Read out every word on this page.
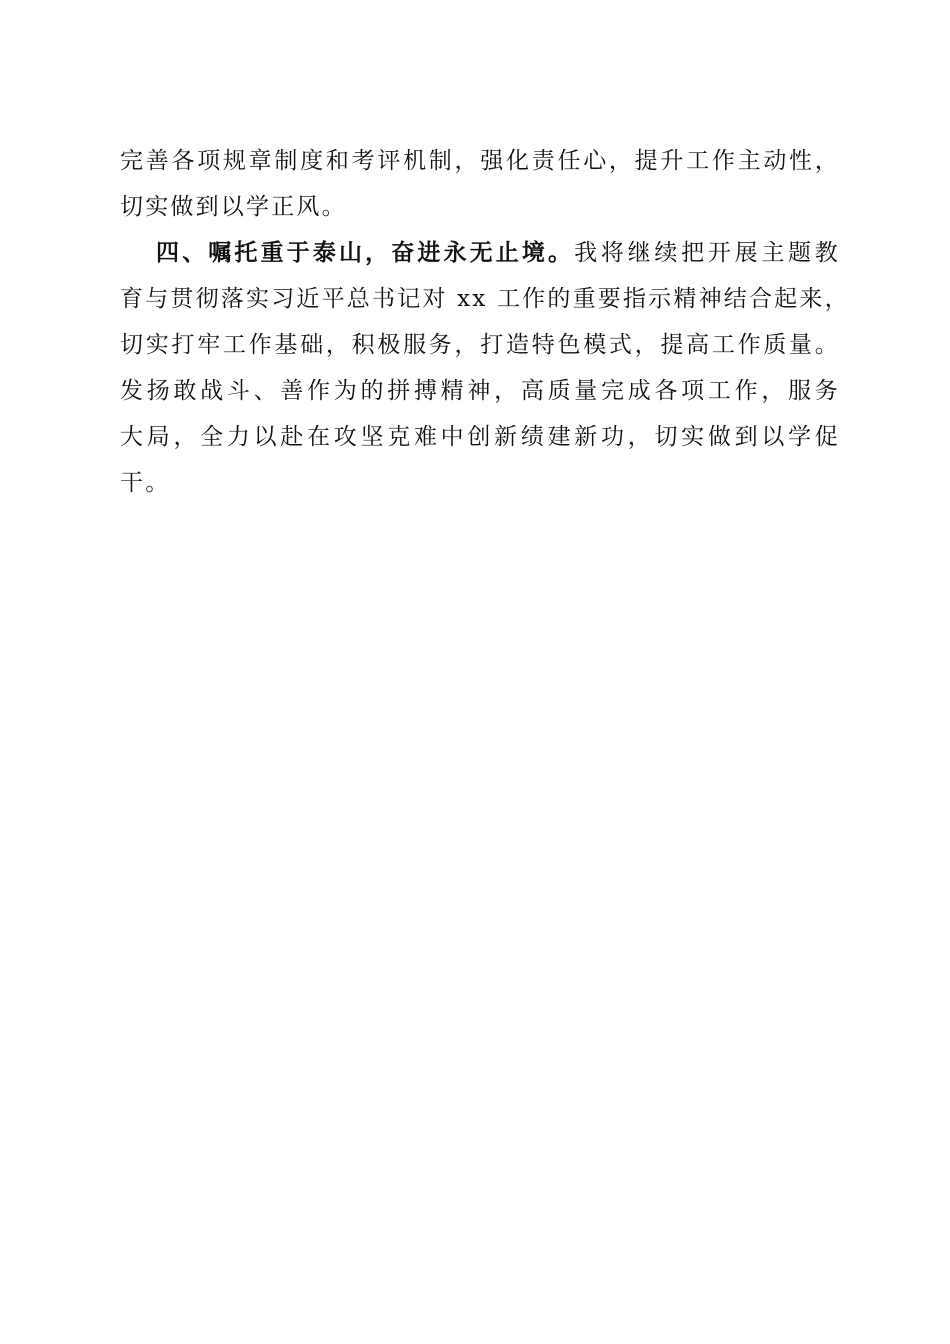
完善各项规章制度和考评机制，强化责任心，提升工作主动性，
切实做到以学正风。
四、嘱托重于泰山，奋进永无止境。我将继续把开展主题教
育与贯彻落实习近平总书记对 xx 工作的重要指示精神结合起来，
切实打牢工作基础，积极服务，打造特色模式，提高工作质量。
发扬敢战斗、善作为的拼搏精神，高质量完成各项工作，服务
大局，全力以赴在攻坚克难中创新绩建新功，切实做到以学促
干。
